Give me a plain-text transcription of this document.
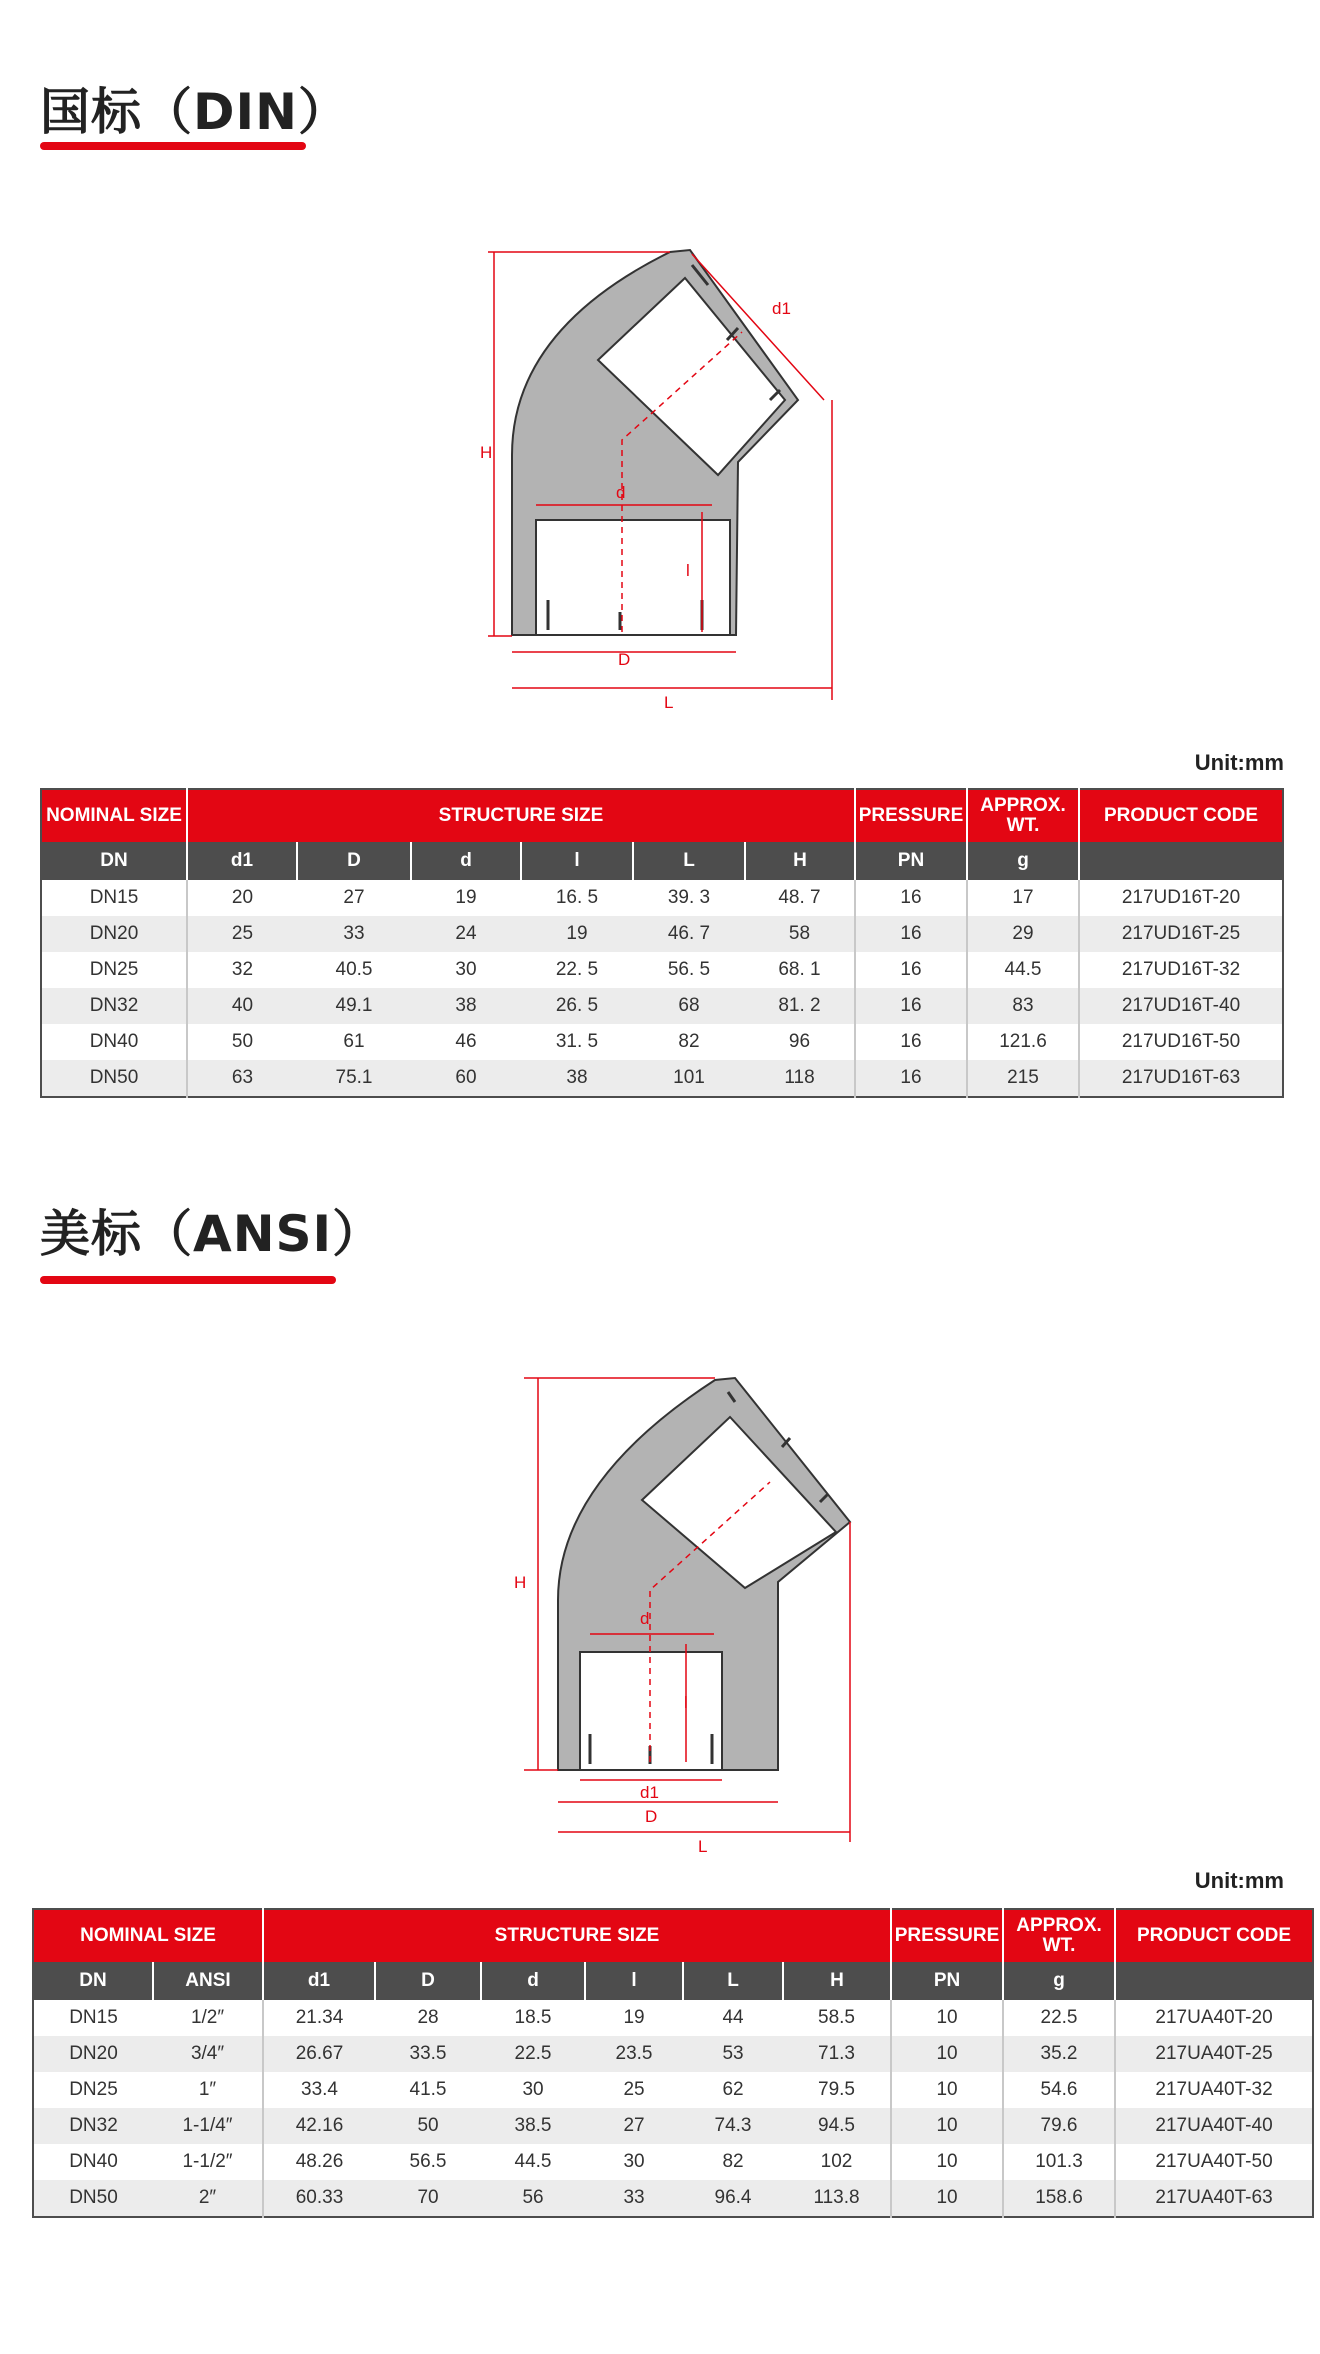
国标（DIN）
H
d1
d
l
D
L
Unit:mm
NOMINAL SIZE	STRUCTURE SIZE						PRESSURE	APPROX. WT.	PRODUCT CODE
DN	d1	D	d	l	L	H	PN	g	
DN15	20	27	19	16. 5	39. 3	48. 7	16	17	217UD16T-20
DN20	25	33	24	19	46. 7	58	16	29	217UD16T-25
DN25	32	40.5	30	22. 5	56. 5	68. 1	16	44.5	217UD16T-32
DN32	40	49.1	38	26. 5	68	81. 2	16	83	217UD16T-40
DN40	50	61	46	31. 5	82	96	16	121.6	217UD16T-50
DN50	63	75.1	60	38	101	118	16	215	217UD16T-63
美标（ANSI）
H
d
l
d1
D
L
Unit:mm
NOMINAL SIZE		STRUCTURE SIZE						PRESSURE	APPROX. WT.	PRODUCT CODE
DN	ANSI	d1	D	d	l	L	H	PN	g	
DN15	1/2″	21.34	28	18.5	19	44	58.5	10	22.5	217UA40T-20
DN20	3/4″	26.67	33.5	22.5	23.5	53	71.3	10	35.2	217UA40T-25
DN25	1″	33.4	41.5	30	25	62	79.5	10	54.6	217UA40T-32
DN32	1-1/4″	42.16	50	38.5	27	74.3	94.5	10	79.6	217UA40T-40
DN40	1-1/2″	48.26	56.5	44.5	30	82	102	10	101.3	217UA40T-50
DN50	2″	60.33	70	56	33	96.4	113.8	10	158.6	217UA40T-63
